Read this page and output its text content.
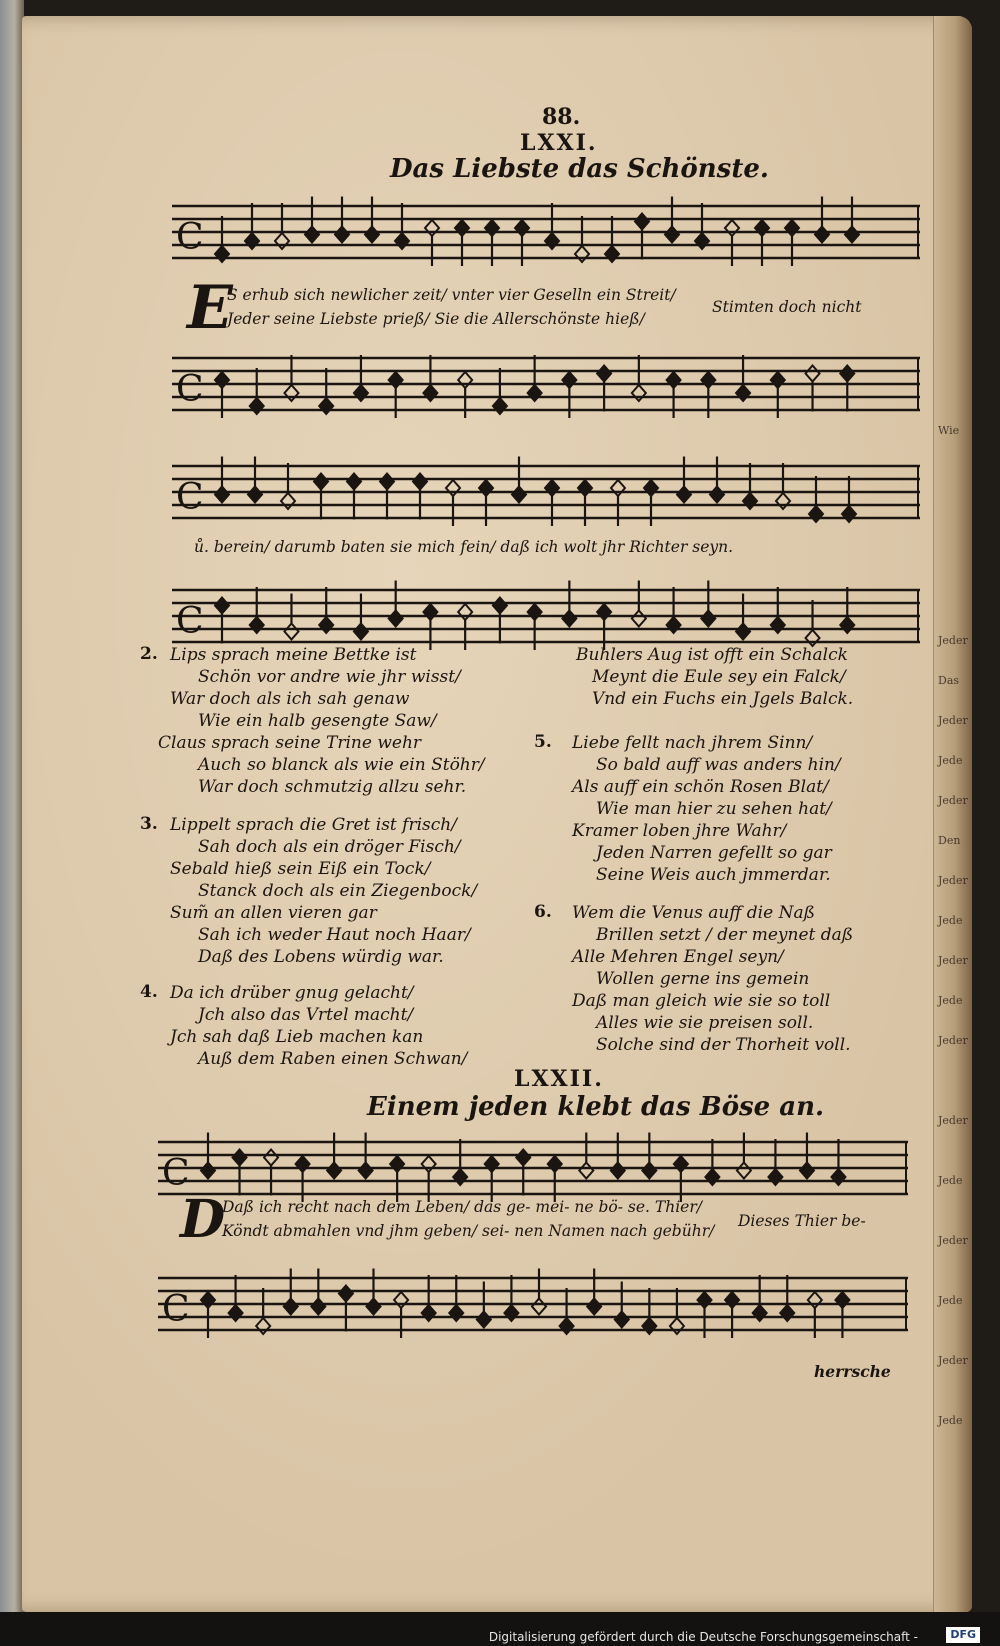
Wie
Jeder
Das
Jeder
Jede
Jeder
Den
Jeder
Jede
Jeder
Jede
Jeder
Jeder
Jede
Jeder
Jede
Jeder
Jede
88.
LXXI.
Das Liebste das Schönste.
C
E
S erhub sich newlicher zeit/ vnter vier Geselln ein Streit/
Jeder seine Liebste prieß/ Sie die Allerschönste hieß/
Stimten doch nicht
C
C
ů. berein/ darumb baten sie mich fein/ daß ich wolt jhr Richter seyn.
C
2. Lips sprach meine Bettke ist
Schön vor andre wie jhr wisst/
War doch als ich sah genaw
Wie ein halb gesengte Saw/
Claus sprach seine Trine wehr
Auch so blanck als wie ein Stöhr/
War doch schmutzig allzu sehr.
3. Lippelt sprach die Gret ist frisch/
Sah doch als ein dröger Fisch/
Sebald hieß sein Eiß ein Tock/
Stanck doch als ein Ziegenbock/
Sum̃ an allen vieren gar
Sah ich weder Haut noch Haar/
Daß des Lobens würdig war.
4. Da ich drüber gnug gelacht/
Jch also das Vrtel macht/
Jch sah daß Lieb machen kan
Auß dem Raben einen Schwan/
Buhlers Aug ist offt ein Schalck
Meynt die Eule sey ein Falck/
Vnd ein Fuchs ein Jgels Balck.
5. Liebe fellt nach jhrem Sinn/
So bald auff was anders hin/
Als auff ein schön Rosen Blat/
Wie man hier zu sehen hat/
Kramer loben jhre Wahr/
Jeden Narren gefellt so gar
Seine Weis auch jmmerdar.
6. Wem die Venus auff die Naß
Brillen setzt / der meynet daß
Alle Mehren Engel seyn/
Wollen gerne ins gemein
Daß man gleich wie sie so toll
Alles wie sie preisen soll.
Solche sind der Thorheit voll.
LXXII.
Einem jeden klebt das Böse an.
C
D
Daß ich recht nach dem Leben/ das ge- mei- ne bö- se. Thier/
Köndt abmahlen vnd jhm geben/ sei- nen Namen nach gebühr/
Dieses Thier be-
C
herrsche
Digitalisierung gefördert durch die Deutsche Forschungsgemeinschaft -	DFG
